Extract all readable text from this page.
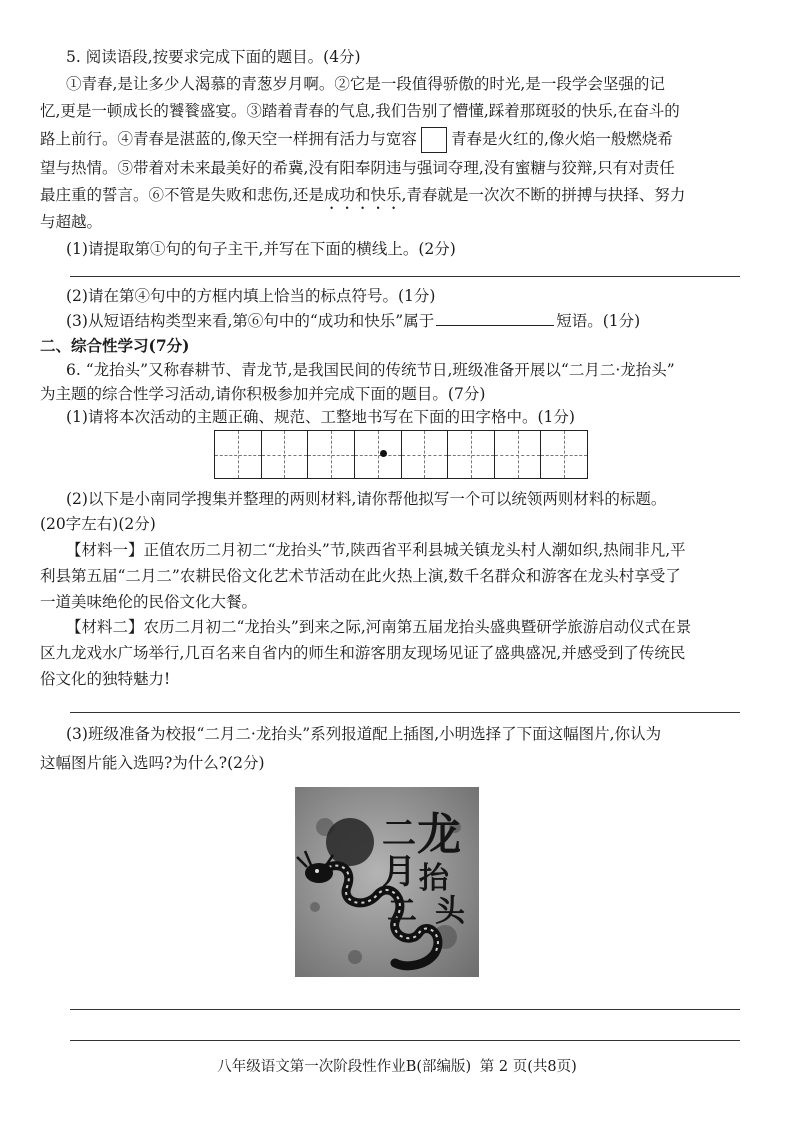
5. 阅读语段,按要求完成下面的题目。(4分)
①青春,是让多少人渴慕的青葱岁月啊。②它是一段值得骄傲的时光,是一段学会坚强的记
忆,更是一顿成长的饕餮盛宴。③踏着青春的气息,我们告别了懵懂,踩着那斑驳的快乐,在奋斗的
路上前行。④青春是湛蓝的,像天空一样拥有活力与宽容 青春是火红的,像火焰一般燃烧希
望与热情。⑤带着对未来最美好的希冀,没有阳奉阴违与强词夺理,没有蜜糖与狡辩,只有对责任
最庄重的誓言。⑥不管是失败和悲伤,还是成功和快乐,青春就是一次次不断的拼搏与抉择、努力
与超越。
(1)请提取第①句的句子主干,并写在下面的横线上。(2分)
(2)请在第④句中的方框内填上恰当的标点符号。(1分)
(3)从短语结构类型来看,第⑥句中的“成功和快乐”属于	短语。(1分)
二、综合性学习(7分)
6. “龙抬头”又称春耕节、青龙节,是我国民间的传统节日,班级准备开展以“二月二·龙抬头”
为主题的综合性学习活动,请你积极参加并完成下面的题目。(7分)
(1)请将本次活动的主题正确、规范、工整地书写在下面的田字格中。(1分)
(2)以下是小南同学搜集并整理的两则材料,请你帮他拟写一个可以统领两则材料的标题。
(20字左右)(2分)
【材料一】正值农历二月初二“龙抬头”节,陕西省平利县城关镇龙头村人潮如织,热闹非凡,平
利县第五届“二月二”农耕民俗文化艺术节活动在此火热上演,数千名群众和游客在龙头村享受了
一道美味绝伦的民俗文化大餐。
【材料二】农历二月初二“龙抬头”到来之际,河南第五届龙抬头盛典暨研学旅游启动仪式在景
区九龙戏水广场举行,几百名来自省内的师生和游客朋友现场见证了盛典盛况,并感受到了传统民
俗文化的独特魅力!
(3)班级准备为校报“二月二·龙抬头”系列报道配上插图,小明选择了下面这幅图片,你认为
这幅图片能入选吗?为什么?(2分)
二
月
二
龙
抬
头
八年级语文第一次阶段性作业B(部编版) 第 2 页(共8页)
